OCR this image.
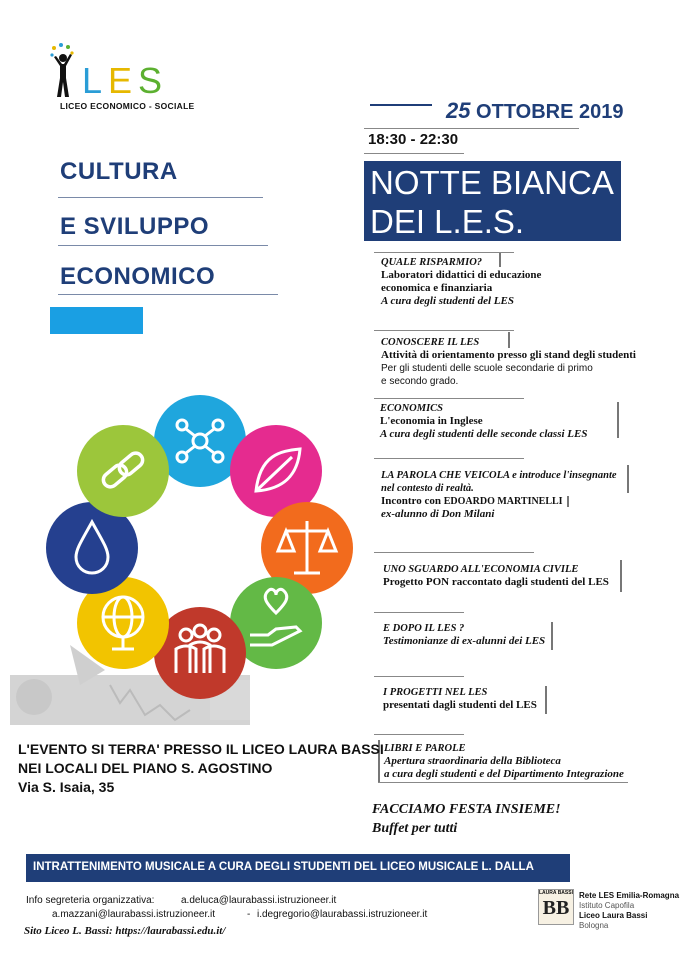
LES
LICEO ECONOMICO - SOCIALE
CULTURA
E SVILUPPO
ECONOMICO
25 OTTOBRE 2019
18:30 - 22:30
NOTTE BIANCA
DEI L.E.S.
QUALE RISPARMIO?
Laboratori didattici di educazione
economica e finanziaria
A cura degli studenti del LES
CONOSCERE IL LES
Attività di orientamento presso gli stand degli studenti
Per gli studenti delle scuole secondarie di primo
e secondo grado.
ECONOMICS
L'economia in Inglese
A cura degli studenti delle seconde classi LES
LA PAROLA CHE VEICOLA e introduce l'insegnante
nel contesto di realtà.
Incontro con EDOARDO MARTINELLI
ex-alunno di Don Milani
UNO SGUARDO ALL'ECONOMIA CIVILE
Progetto PON raccontato dagli studenti del LES
E DOPO IL LES ?
Testimonianze di ex-alunni dei LES
I PROGETTI NEL LES
presentati dagli studenti del LES
LIBRI E PAROLE
Apertura straordinaria della Biblioteca
a cura degli studenti e del Dipartimento Integrazione
FACCIAMO FESTA INSIEME!
Buffet per tutti
L'EVENTO SI TERRA' PRESSO IL LICEO LAURA BASSI
NEI LOCALI DEL PIANO S. AGOSTINO
Via S. Isaia, 35
INTRATTENIMENTO MUSICALE A CURA DEGLI STUDENTI DEL LICEO MUSICALE L. DALLA
Info segreteria organizzativa:	a.deluca@laurabassi.istruzioneer.it
a.mazzani@laurabassi.istruzioneer.it	- i.degregorio@laurabassi.istruzioneer.it
Sito Liceo L. Bassi: https://laurabassi.edu.it/
LAURA BASSI
BB
Rete LES Emilia-Romagna
Istituto Capofila
Liceo Laura Bassi
Bologna
